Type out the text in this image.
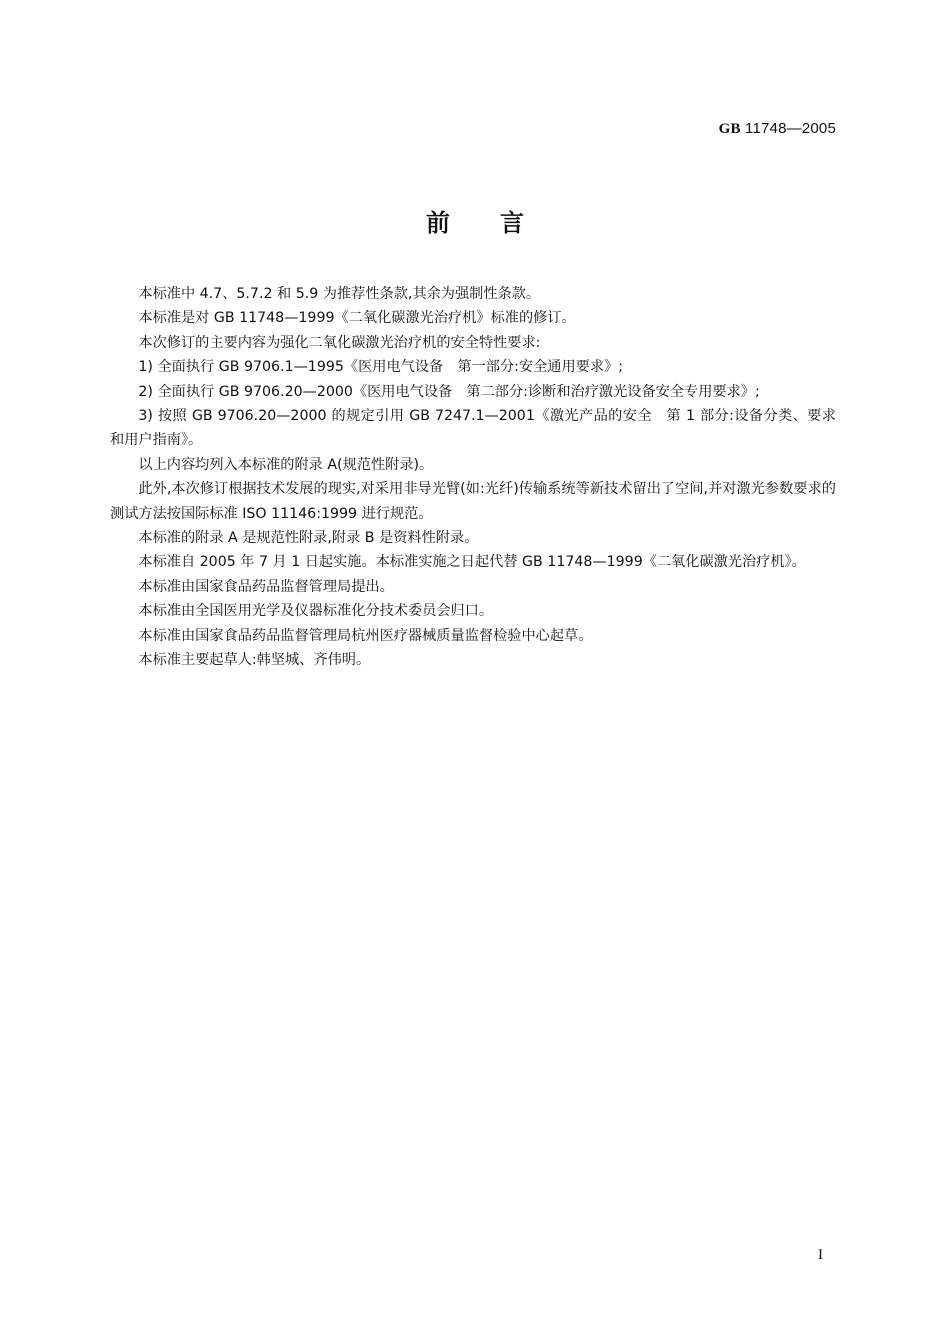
GB 11748—2005
前言

本标准中 4.7、5.7.2 和 5.9 为推荐性条款,其余为强制性条款。

本标准是对 GB 11748—1999《二氧化碳激光治疗机》标准的修订。

本次修订的主要内容为强化二氧化碳激光治疗机的安全特性要求:

1) 全面执行 GB 9706.1—1995《医用电气设备　第一部分:安全通用要求》;

2) 全面执行 GB 9706.20—2000《医用电气设备　第二部分:诊断和治疗激光设备安全专用要求》;

3) 按照 GB 9706.20—2000 的规定引用 GB 7247.1—2001《激光产品的安全　第 1 部分:设备分类、要求和用户指南》。

以上内容均列入本标准的附录 A(规范性附录)。

此外,本次修订根据技术发展的现实,对采用非导光臂(如:光纤)传输系统等新技术留出了空间,并对激光参数要求的测试方法按国际标准 ISO 11146:1999 进行规范。

本标准的附录 A 是规范性附录,附录 B 是资料性附录。

本标准自 2005 年 7 月 1 日起实施。本标准实施之日起代替 GB 11748—1999《二氧化碳激光治疗机》。

本标准由国家食品药品监督管理局提出。

本标准由全国医用光学及仪器标准化分技术委员会归口。

本标准由国家食品药品监督管理局杭州医疗器械质量监督检验中心起草。

本标准主要起草人:韩坚城、齐伟明。

I
